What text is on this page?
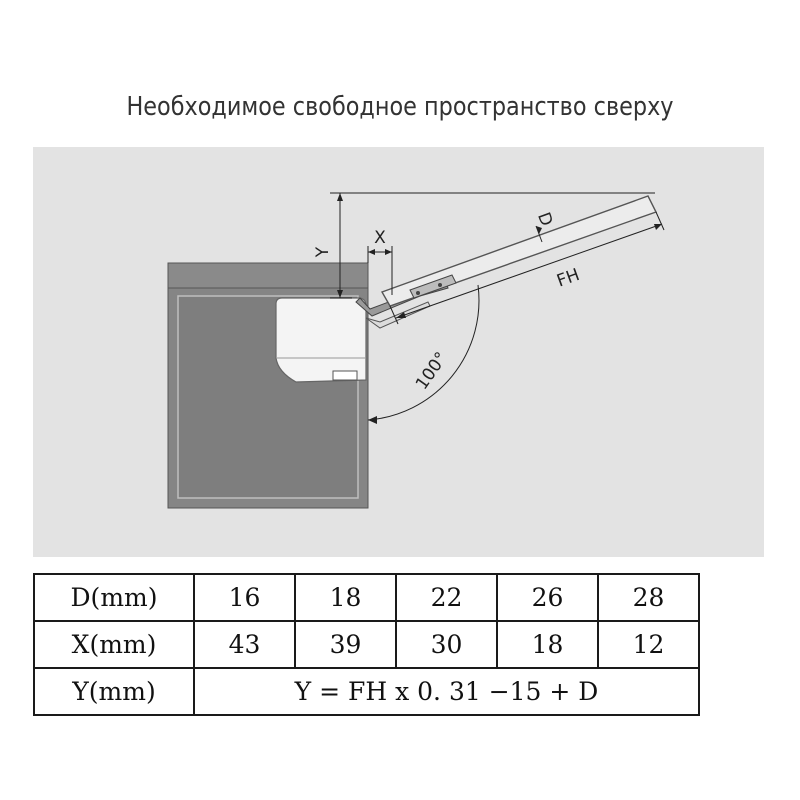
Необходимое свободное пространство сверху
Y
X
D
FH
100°
D(mm)	16	18	22	26	28
X(mm)	43	39	30	18	12
Y(mm)	Y = FH x 0. 31 −15 + D				
